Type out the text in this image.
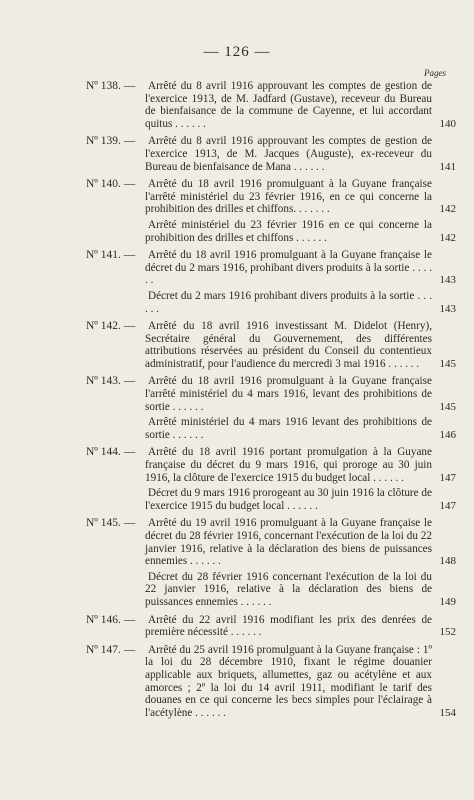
— 126 —
Pages
Nº 138. — Arrêté du 8 avril 1916 approuvant les comptes de gestion de l'exercice 1913, de M. Jadfard (Gustave), receveur du Bureau de bienfaisance de la commune de Cayenne, et lui accordant quitus . . . . . .	140
Nº 139. — Arrêté du 8 avril 1916 approuvant les comptes de gestion de l'exercice 1913, de M. Jacques (Auguste), ex-receveur du Bureau de bienfaisance de Mana . . . . . .	141
Nº 140. — Arrêté du 18 avril 1916 promulguant à la Guyane française l'arrêté ministériel du 23 février 1916, en ce qui concerne la prohibition des drilles et chiffons. . . . . . .	142
Arrêté ministériel du 23 février 1916 en ce qui concerne la prohibition des drilles et chiffons . . . . . .	142
Nº 141. — Arrêté du 18 avril 1916 promulguant à la Guyane française le décret du 2 mars 1916, prohibant divers produits à la sortie . . . . . .	143
Décret du 2 mars 1916 prohibant divers produits à la sortie . . . . . .	143
Nº 142. — Arrêté du 18 avril 1916 investissant M. Didelot (Henry), Secrétaire général du Gouvernement, des différentes attributions réservées au président du Conseil du contentieux administratif, pour l'audience du mercredi 3 mai 1916 . . . . . . 145
Nº 143. — Arrêté du 18 avril 1916 promulguant à la Guyane française l'arrêté ministériel du 4 mars 1916, levant des prohibitions de sortie . . . . . .	145
Arrêté ministériel du 4 mars 1916 levant des prohibitions de sortie . . . . . .	146
Nº 144. — Arrêté du 18 avril 1916 portant promulgation à la Guyane française du décret du 9 mars 1916, qui proroge au 30 juin 1916, la clôture de l'exercice 1915 du budget local . . . . . .	147
Décret du 9 mars 1916 prorogeant au 30 juin 1916 la clôture de l'exercice 1915 du budget local . . . . . .	147
Nº 145. — Arrêté du 19 avril 1916 promulguant à la Guyane française le décret du 28 février 1916, concernant l'exécution de la loi du 22 janvier 1916, relative à la déclaration des biens de puissances ennemies . . . . . .	148
Décret du 28 février 1916 concernant l'exécution de la loi du 22 janvier 1916, relative à la déclaration des biens de puissances ennemies . . . . . .	149
Nº 146. — Arrêté du 22 avril 1916 modifiant les prix des denrées de première nécessité . . . . . .	152
Nº 147. — Arrêté du 25 avril 1916 promulguant à la Guyane française : 1º la loi du 28 décembre 1910, fixant le régime douanier applicable aux briquets, allumettes, gaz ou acétylène et aux amorces ; 2º la loi du 14 avril 1911, modifiant le tarif des douanes en ce qui concerne les becs simples pour l'éclairage à l'acétylène . . . . . .	154
